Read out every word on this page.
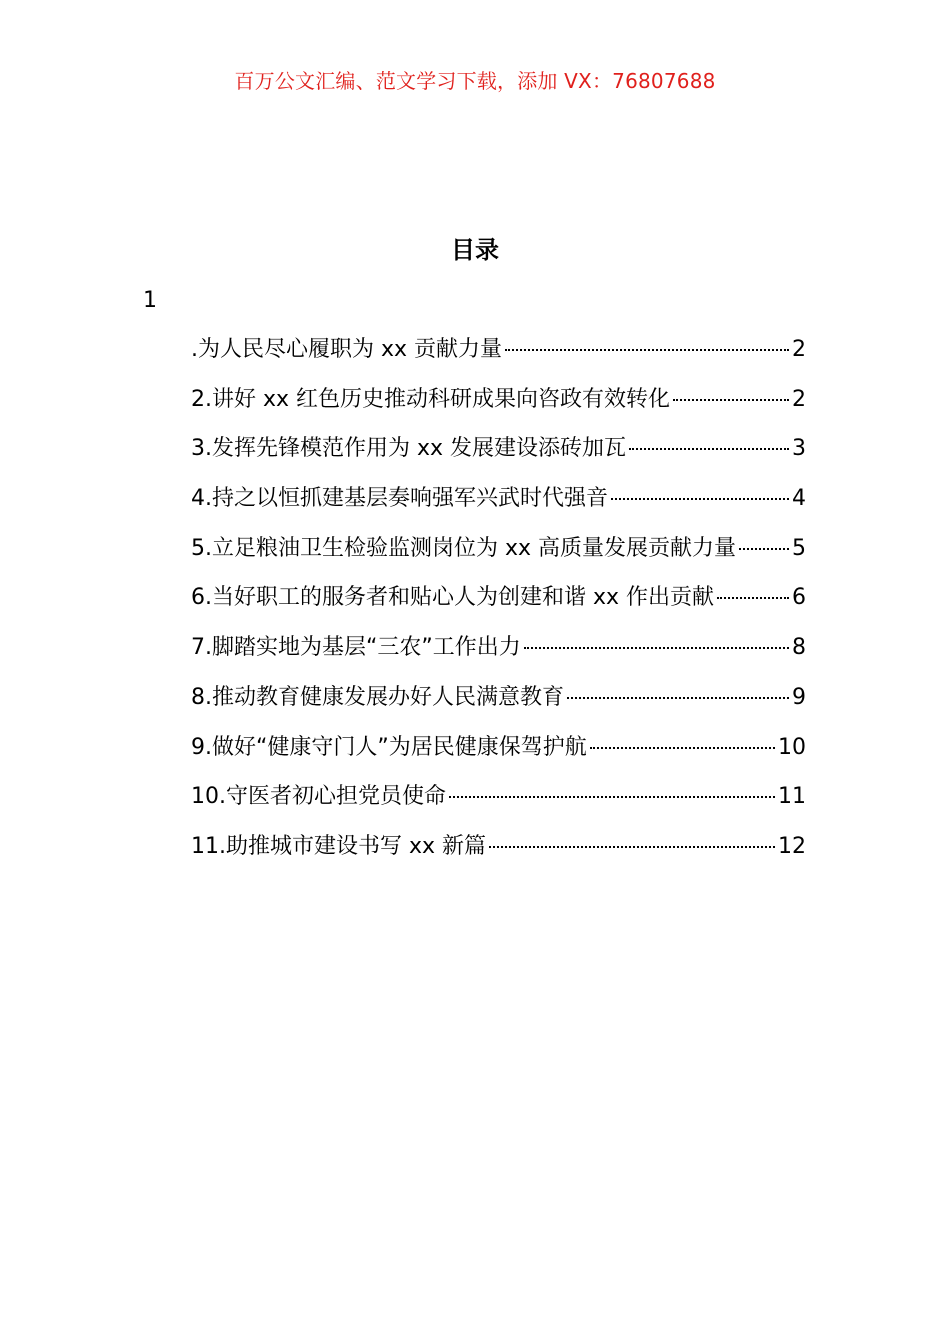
百万公文汇编、范文学习下载，添加 VX：76807688
目录
1
.为人民尽心履职为 xx 贡献力量	2
2.讲好 xx 红色历史推动科研成果向咨政有效转化	2
3.发挥先锋模范作用为 xx 发展建设添砖加瓦	3
4.持之以恒抓建基层奏响强军兴武时代强音	4
5.立足粮油卫生检验监测岗位为 xx 高质量发展贡献力量	5
6.当好职工的服务者和贴心人为创建和谐 xx 作出贡献	6
7.脚踏实地为基层“三农”工作出力	8
8.推动教育健康发展办好人民满意教育	9
9.做好“健康守门人”为居民健康保驾护航	10
10.守医者初心担党员使命	11
11.助推城市建设书写 xx 新篇	12
